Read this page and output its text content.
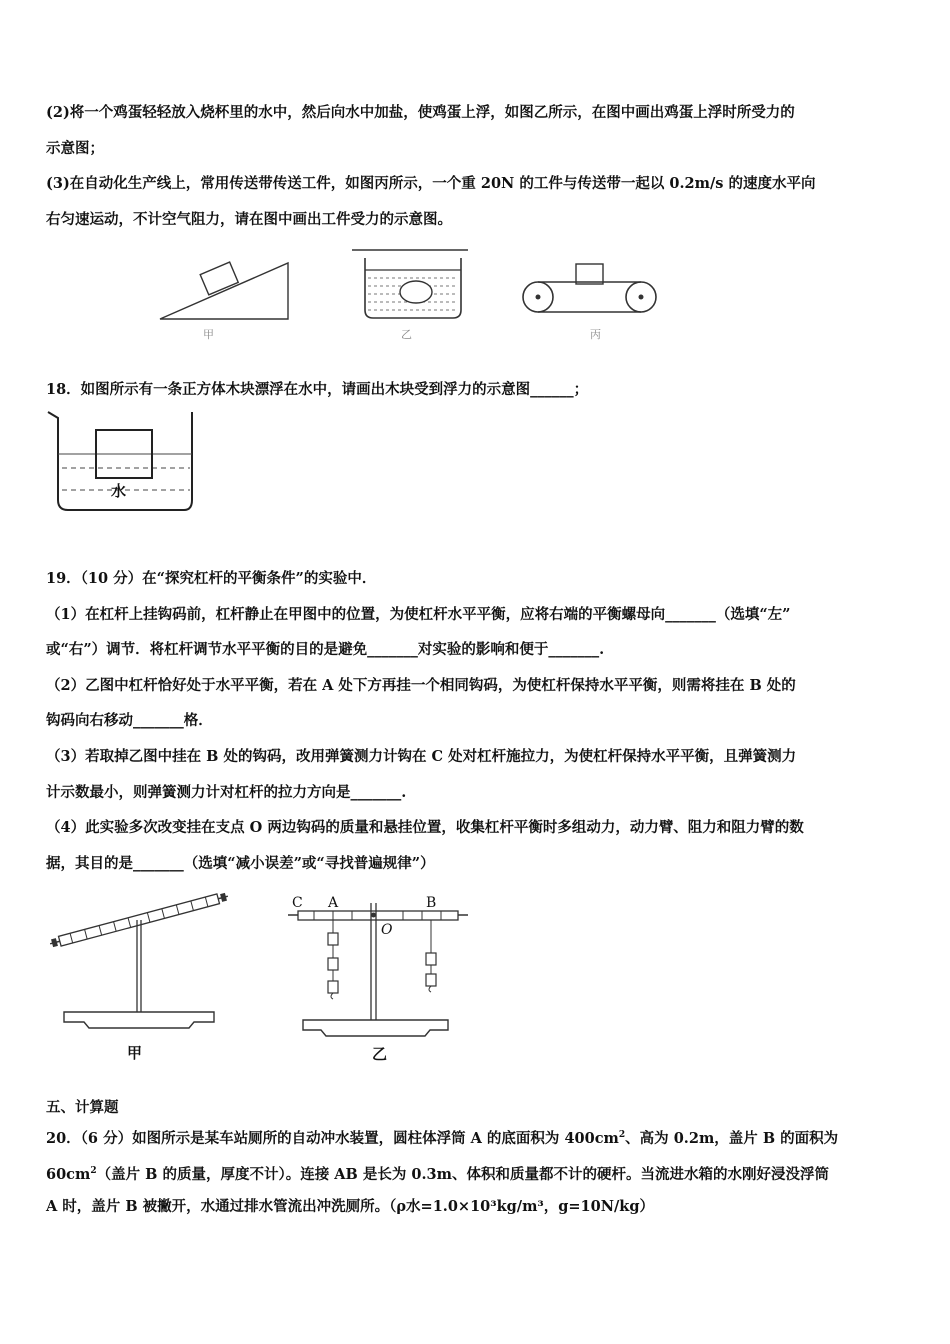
(2)将一个鸡蛋轻轻放入烧杯里的水中，然后向水中加盐，使鸡蛋上浮，如图乙所示，在图中画出鸡蛋上浮时所受力的
示意图；
(3)在自动化生产线上，常用传送带传送工件，如图丙所示，一个重 20N 的工件与传送带一起以 0.2m/s 的速度水平向
右匀速运动，不计空气阻力，请在图中画出工件受力的示意图。
甲	乙	丙
18．如图所示有一条正方体木块漂浮在水中，请画出木块受到浮力的示意图______；
水
19．（10 分）在“探究杠杆的平衡条件”的实验中．
（1）在杠杆上挂钩码前，杠杆静止在甲图中的位置，为使杠杆水平平衡，应将右端的平衡螺母向_______（选填“左”
或“右”）调节．将杠杆调节水平平衡的目的是避免_______对实验的影响和便于_______.
（2）乙图中杠杆恰好处于水平平衡，若在 A 处下方再挂一个相同钩码，为使杠杆保持水平平衡，则需将挂在 B 处的
钩码向右移动_______格．
（3）若取掉乙图中挂在 B 处的钩码，改用弹簧测力计钩在 C 处对杠杆施拉力，为使杠杆保持水平平衡，且弹簧测力
计示数最小，则弹簧测力计对杠杆的拉力方向是_______.
（4）此实验多次改变挂在支点 O 两边钩码的质量和悬挂位置，收集杠杆平衡时多组动力，动力臂、阻力和阻力臂的数
据，其目的是_______（选填“减小误差”或“寻找普遍规律”）
甲
C A	B
O
乙
五、计算题
20．（6 分）如图所示是某车站厕所的自动冲水装置，圆柱体浮筒 A 的底面积为 $400cm^2$、高为 0.2m，盖片 B 的面积为
$60cm^2$（盖片 B 的质量，厚度不计）。连接 AB 是长为 0.3m、体积和质量都不计的硬杆。当流进水箱的水刚好浸没浮筒
A 时，盖片 B 被撇开，水通过排水管流出冲洗厕所。（ρ水=1.0×10³kg/m³，g=10N/kg）
